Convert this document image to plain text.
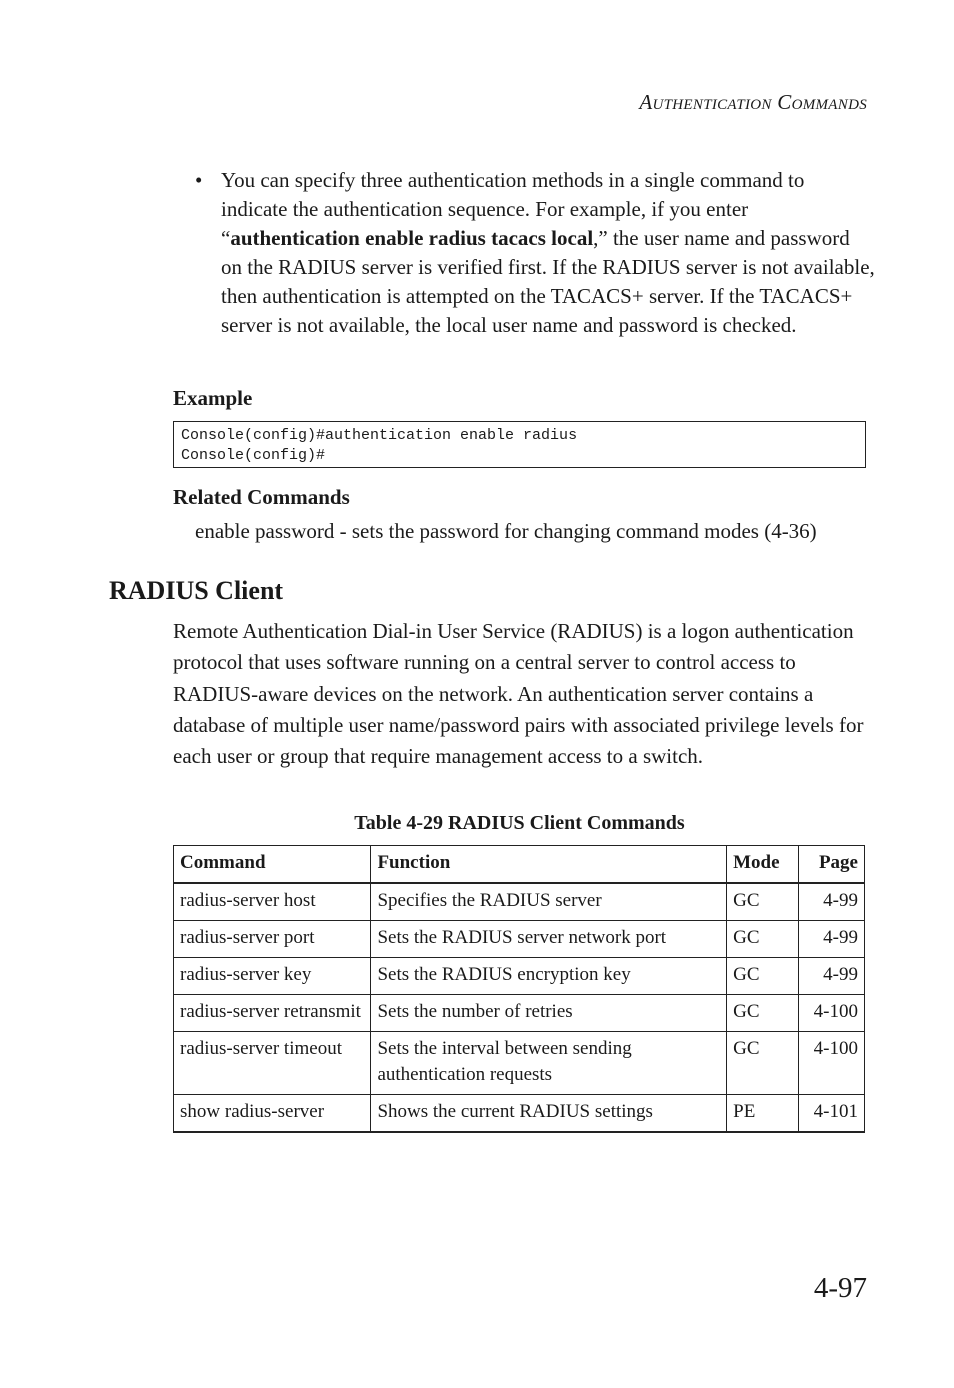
Authentication Commands
• You can specify three authentication methods in a single command to indicate the authentication sequence. For example, if you enter “authentication enable radius tacacs local,” the user name and password on the RADIUS server is verified first. If the RADIUS server is not available, then authentication is attempted on the TACACS+ server. If the TACACS+ server is not available, the local user name and password is checked.
Example
Console(config)#authentication enable radius
Console(config)#
Related Commands
enable password - sets the password for changing command modes (4-36)
RADIUS Client
Remote Authentication Dial-in User Service (RADIUS) is a logon authentication protocol that uses software running on a central server to control access to RADIUS-aware devices on the network. An authentication server contains a database of multiple user name/password pairs with associated privilege levels for each user or group that require management access to a switch.
Table 4-29 RADIUS Client Commands
Command	Function	Mode	Page
radius-server host	Specifies the RADIUS server	GC	4-99
radius-server port	Sets the RADIUS server network port	GC	4-99
radius-server key	Sets the RADIUS encryption key	GC	4-99
radius-server retransmit	Sets the number of retries	GC	4-100
radius-server timeout	Sets the interval between sending authentication requests	GC	4-100
show radius-server	Shows the current RADIUS settings	PE	4-101
4-97
